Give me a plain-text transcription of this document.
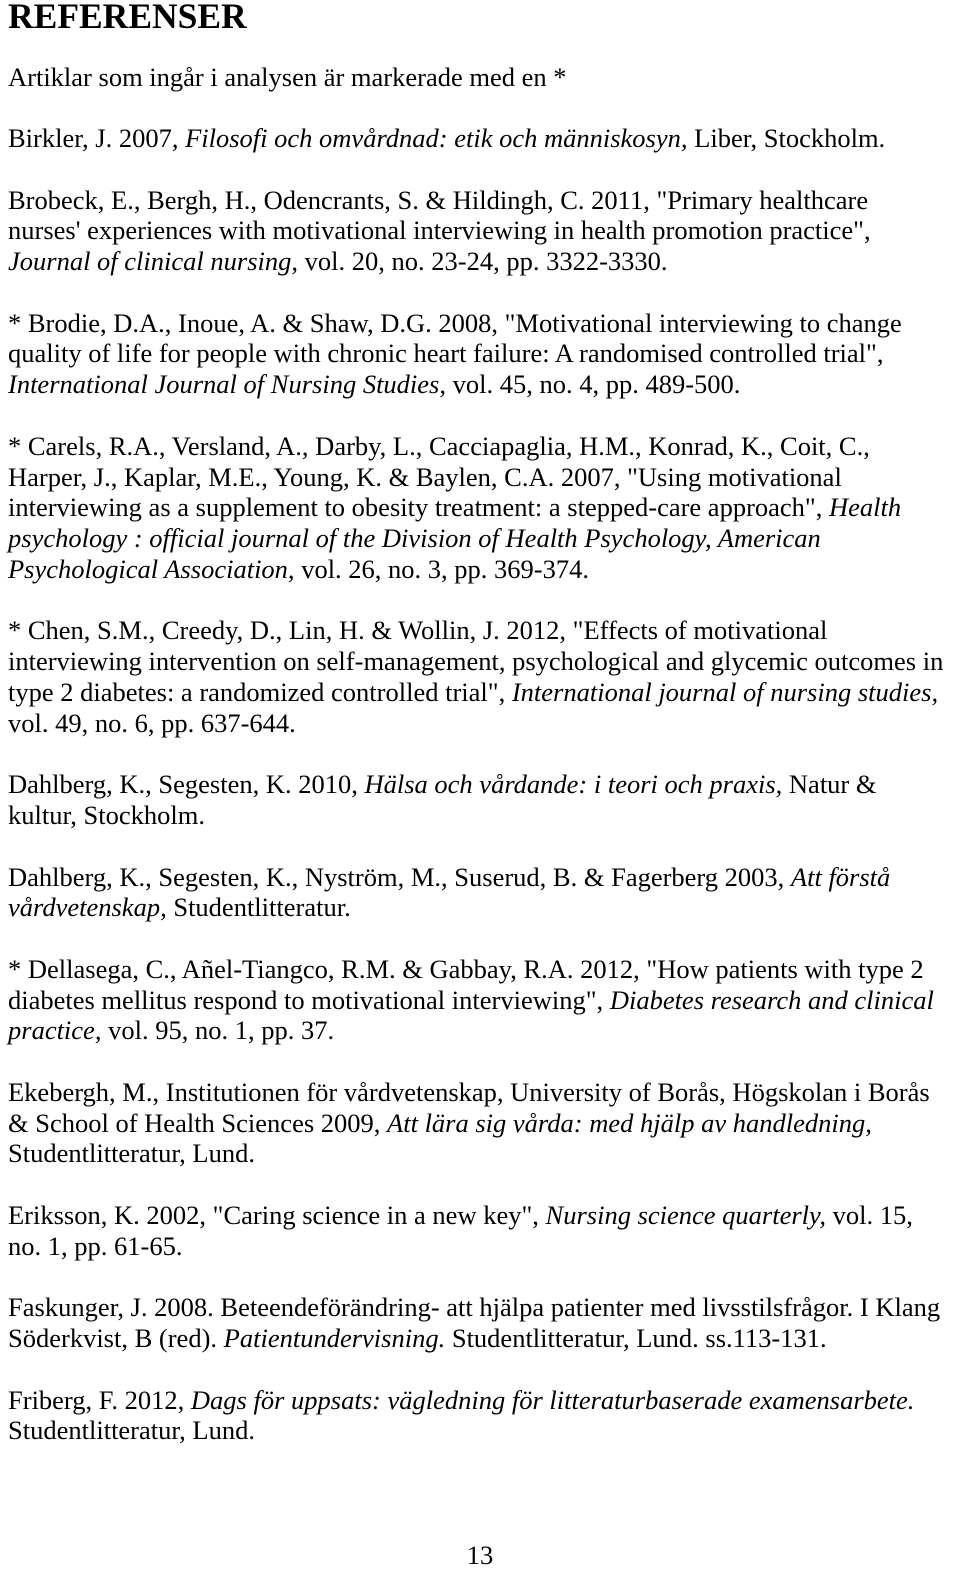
REFERENSER
Artiklar som ingår i analysen är markerade med en *
Birkler, J. 2007, Filosofi och omvårdnad: etik och människosyn, Liber, Stockholm.
Brobeck, E., Bergh, H., Odencrants, S. & Hildingh, C. 2011, "Primary healthcare
nurses' experiences with motivational interviewing in health promotion practice",
Journal of clinical nursing, vol. 20, no. 23-24, pp. 3322-3330.
* Brodie, D.A., Inoue, A. & Shaw, D.G. 2008, "Motivational interviewing to change
quality of life for people with chronic heart failure: A randomised controlled trial",
International Journal of Nursing Studies, vol. 45, no. 4, pp. 489-500.
* Carels, R.A., Versland, A., Darby, L., Cacciapaglia, H.M., Konrad, K., Coit, C.,
Harper, J., Kaplar, M.E., Young, K. & Baylen, C.A. 2007, "Using motivational
interviewing as a supplement to obesity treatment: a stepped-care approach", Health
psychology : official journal of the Division of Health Psychology, American
Psychological Association, vol. 26, no. 3, pp. 369-374.
* Chen, S.M., Creedy, D., Lin, H. & Wollin, J. 2012, "Effects of motivational
interviewing intervention on self-management, psychological and glycemic outcomes in
type 2 diabetes: a randomized controlled trial", International journal of nursing studies,
vol. 49, no. 6, pp. 637-644.
Dahlberg, K., Segesten, K. 2010, Hälsa och vårdande: i teori och praxis, Natur &
kultur, Stockholm.
Dahlberg, K., Segesten, K., Nyström, M., Suserud, B. & Fagerberg 2003, Att förstå
vårdvetenskap, Studentlitteratur.
* Dellasega, C., Añel-Tiangco, R.M. & Gabbay, R.A. 2012, "How patients with type 2
diabetes mellitus respond to motivational interviewing", Diabetes research and clinical
practice, vol. 95, no. 1, pp. 37.
Ekebergh, M., Institutionen för vårdvetenskap, University of Borås, Högskolan i Borås
& School of Health Sciences 2009, Att lära sig vårda: med hjälp av handledning,
Studentlitteratur, Lund.
Eriksson, K. 2002, "Caring science in a new key", Nursing science quarterly, vol. 15,
no. 1, pp. 61-65.
Faskunger, J. 2008. Beteendeförändring- att hjälpa patienter med livsstilsfrågor. I Klang
Söderkvist, B (red). Patientundervisning. Studentlitteratur, Lund. ss.113-131.
Friberg, F. 2012, Dags för uppsats: vägledning för litteraturbaserade examensarbete.
Studentlitteratur, Lund.
13
